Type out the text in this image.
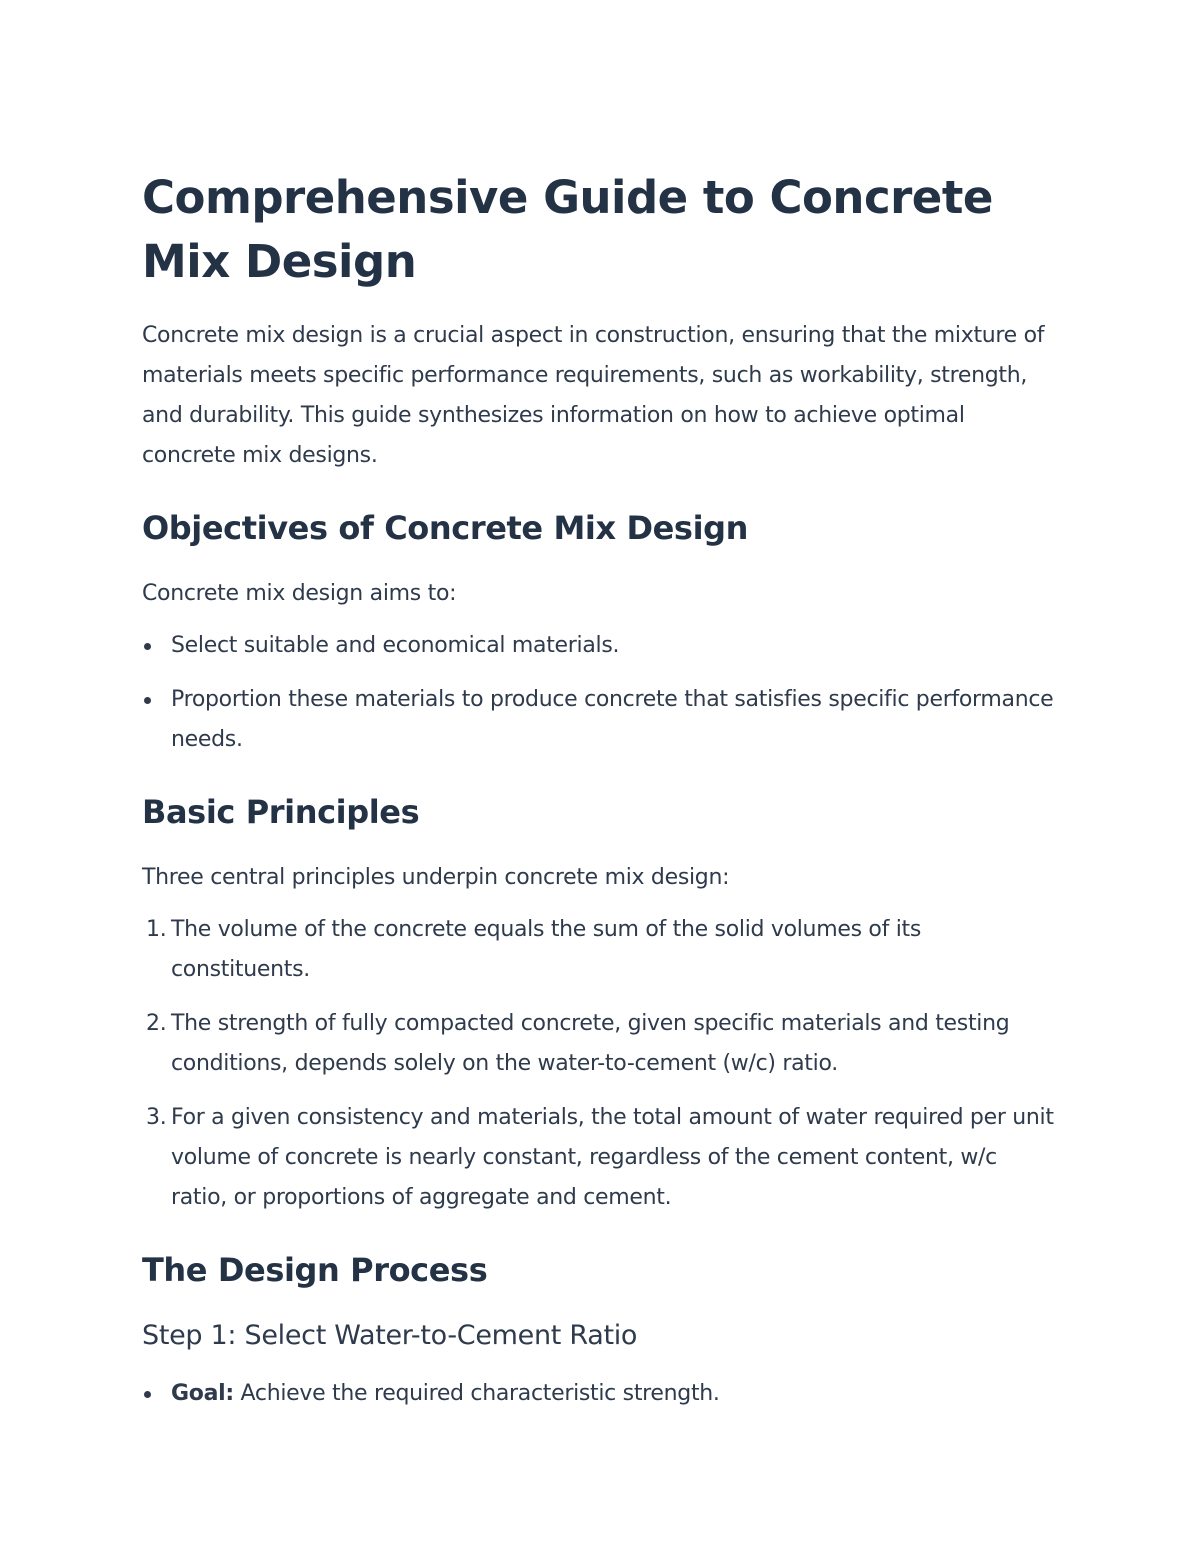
Comprehensive Guide to Concrete Mix Design

Concrete mix design is a crucial aspect in construction, ensuring that the mixture of materials meets specific performance requirements, such as workability, strength, and durability. This guide synthesizes information on how to achieve optimal concrete mix designs.

Objectives of Concrete Mix Design

Concrete mix design aims to:

Select suitable and economical materials.
Proportion these materials to produce concrete that satisfies specific performance needs.
Basic Principles

Three central principles underpin concrete mix design:

1. The volume of the concrete equals the sum of the solid volumes of its constituents.
2. The strength of fully compacted concrete, given specific materials and testing conditions, depends solely on the water-to-cement (w/c) ratio.
3. For a given consistency and materials, the total amount of water required per unit volume of concrete is nearly constant, regardless of the cement content, w/c ratio, or proportions of aggregate and cement.
The Design Process
Step 1: Select Water-to-Cement Ratio
Goal: Achieve the required characteristic strength.
